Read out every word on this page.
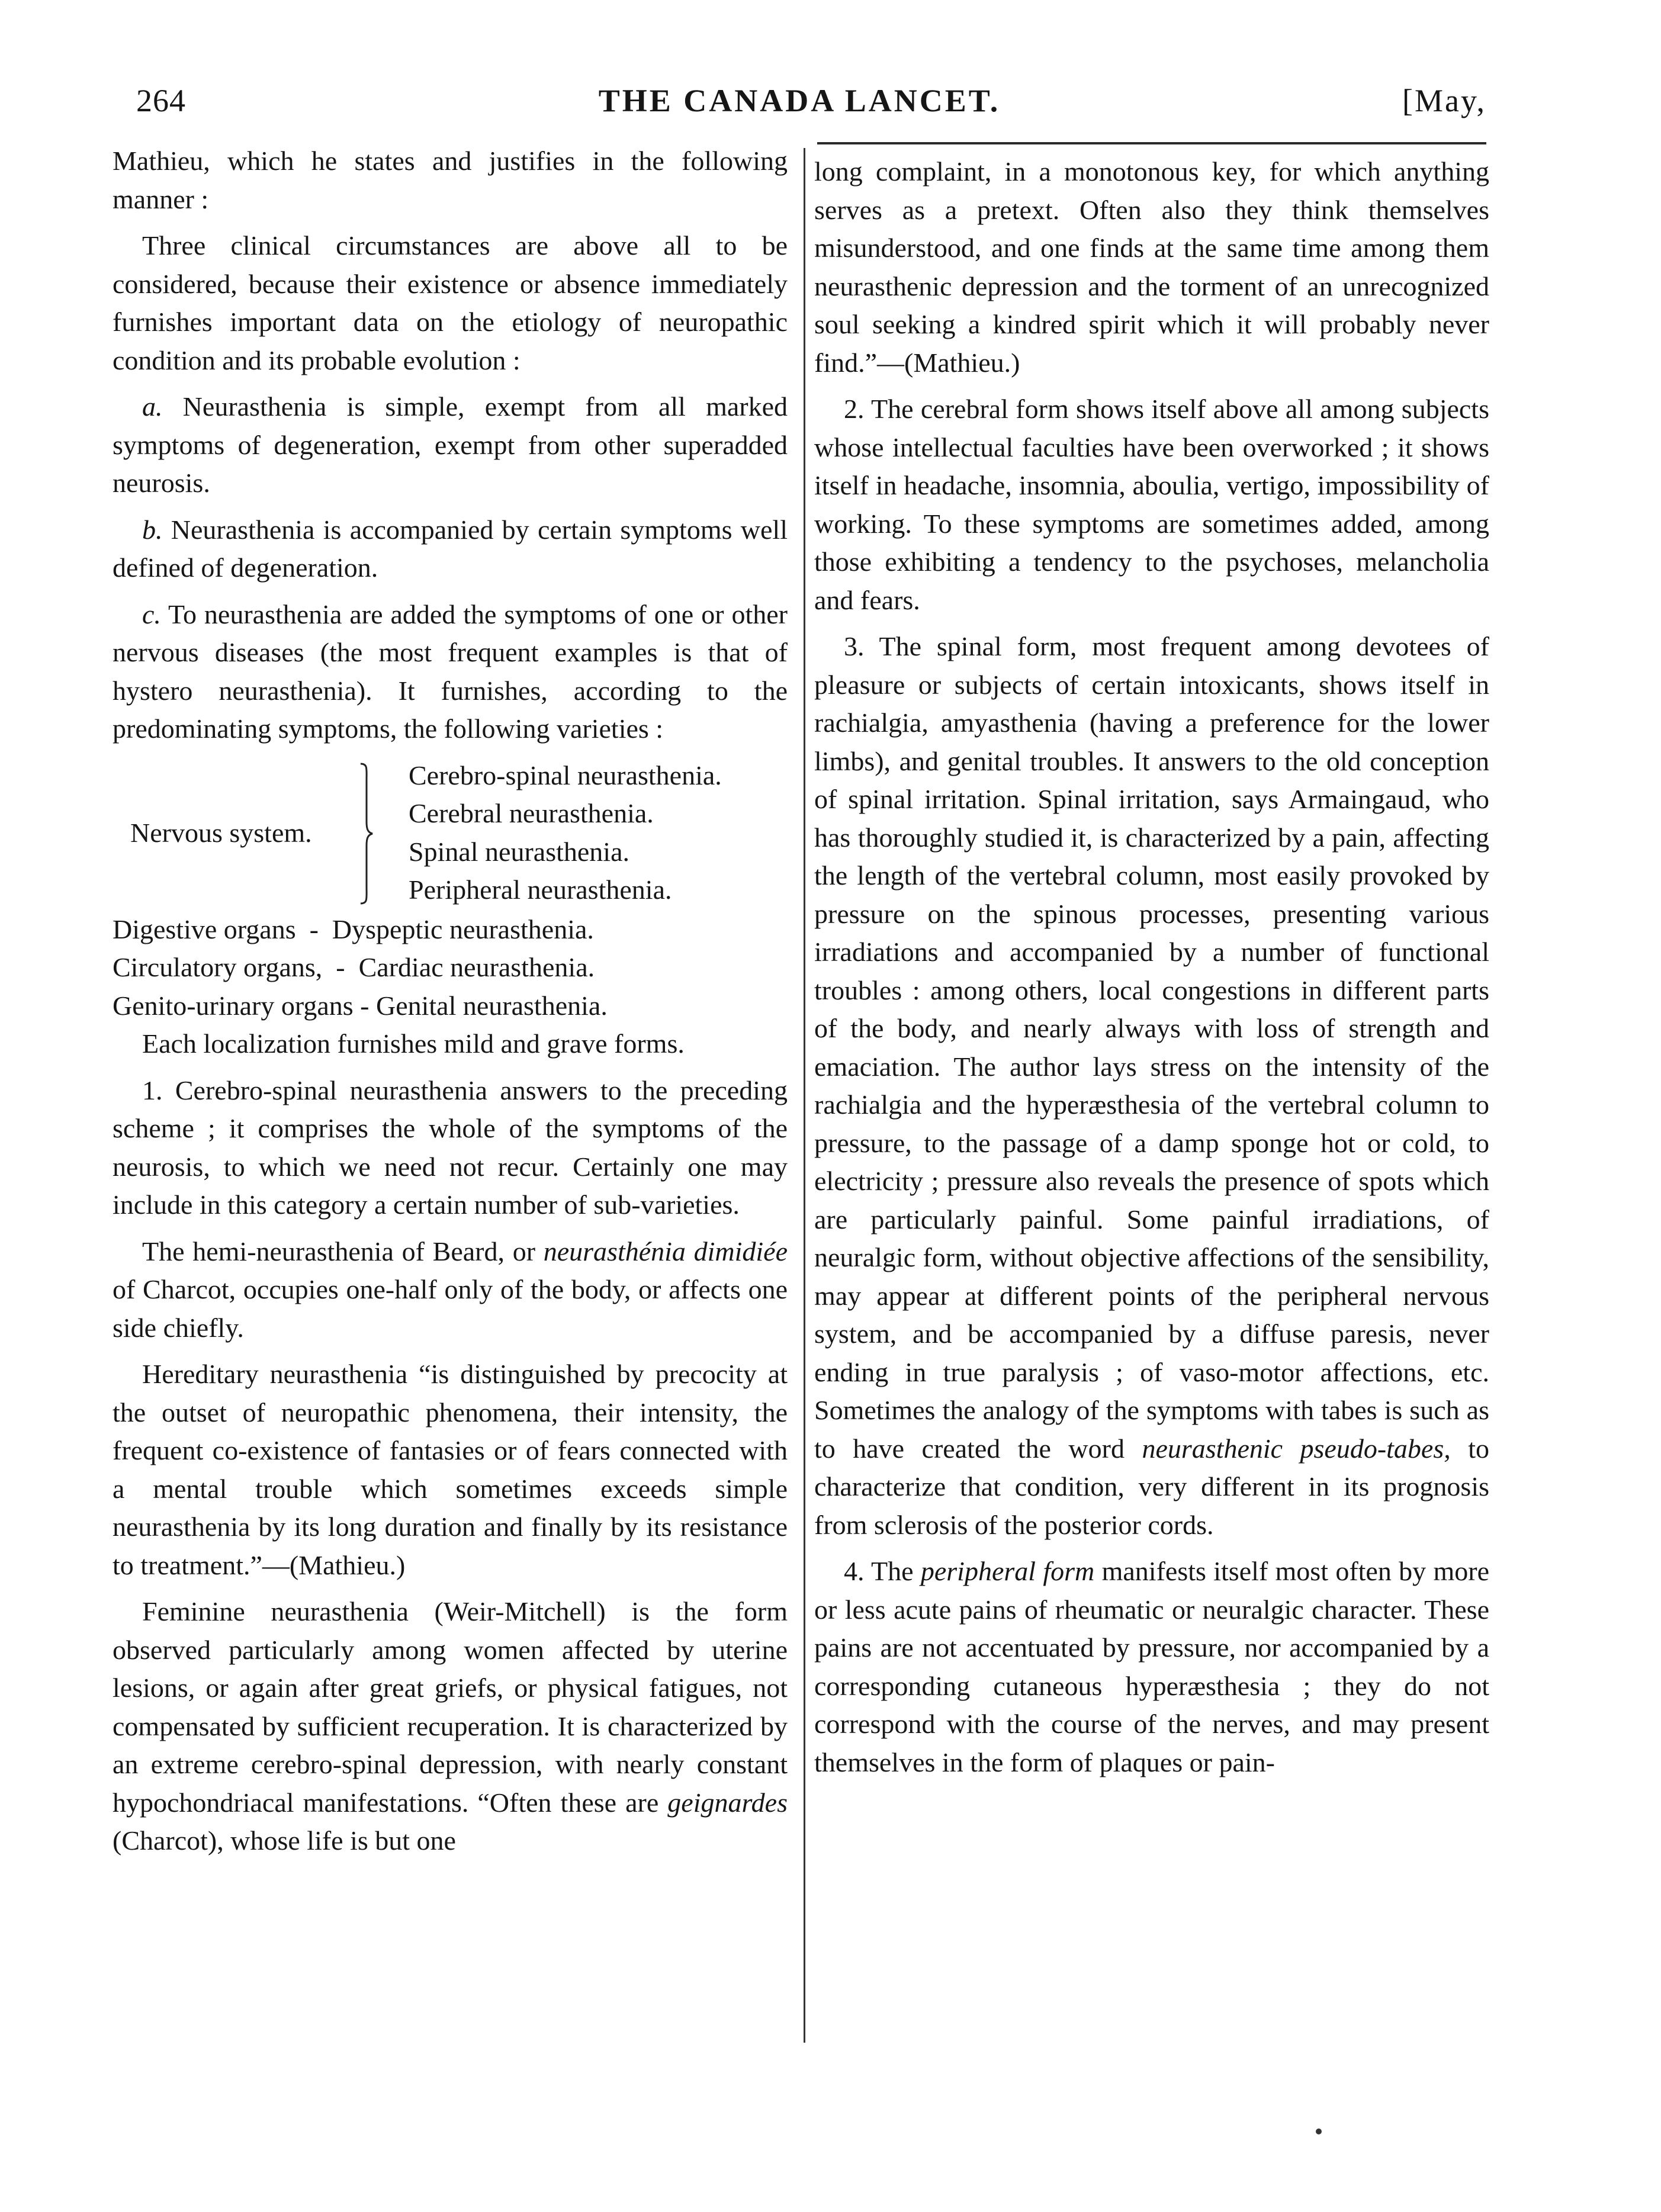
264	THE CANADA LANCET.	[May,

Mathieu, which he states and justifies in the following manner :

Three clinical circumstances are above all to be considered, because their existence or absence immediately furnishes important data on the etiology of neuropathic condition and its probable evolution :

a. Neurasthenia is simple, exempt from all marked symptoms of degeneration, exempt from other superadded neurosis.

b. Neurasthenia is accompanied by certain symptoms well defined of degeneration.

c. To neurasthenia are added the symptoms of one or other nervous diseases (the most frequent examples is that of hystero neurasthenia). It furnishes, according to the predominating symptoms, the following varieties :

Nervous system.
Cerebro-spinal neurasthenia.
Cerebral neurasthenia.
Spinal neurasthenia.
Peripheral neurasthenia.
Digestive organs  - Dyspeptic neurasthenia.
Circulatory organs,  - Cardiac neurasthenia.
Genito-urinary organs - Genital neurasthenia.

Each localization furnishes mild and grave forms.

1. Cerebro-spinal neurasthenia answers to the preceding scheme ; it comprises the whole of the symptoms of the neurosis, to which we need not recur. Certainly one may include in this category a certain number of sub-varieties.

The hemi-neurasthenia of Beard, or neurasthénia dimidiée of Charcot, occupies one-half only of the body, or affects one side chiefly.

Hereditary neurasthenia “is distinguished by precocity at the outset of neuropathic phenomena, their intensity, the frequent co-existence of fantasies or of fears connected with a mental trouble which sometimes exceeds simple neurasthenia by its long duration and finally by its resistance to treatment.”—(Mathieu.)

Feminine neurasthenia (Weir-Mitchell) is the form observed particularly among women affected by uterine lesions, or again after great griefs, or physical fatigues, not compensated by sufficient recuperation. It is characterized by an extreme cerebro-spinal depression, with nearly constant hypochondriacal manifestations. “Often these are geignardes (Charcot), whose life is but one

long complaint, in a monotonous key, for which anything serves as a pretext. Often also they think themselves misunderstood, and one finds at the same time among them neurasthenic depression and the torment of an unrecognized soul seeking a kindred spirit which it will probably never find.”—(Mathieu.)

2. The cerebral form shows itself above all among subjects whose intellectual faculties have been overworked ; it shows itself in headache, insomnia, aboulia, vertigo, impossibility of working. To these symptoms are sometimes added, among those exhibiting a tendency to the psychoses, melancholia and fears.

3. The spinal form, most frequent among devotees of pleasure or subjects of certain intoxicants, shows itself in rachialgia, amyasthenia (having a preference for the lower limbs), and genital troubles. It answers to the old conception of spinal irritation. Spinal irritation, says Armaingaud, who has thoroughly studied it, is characterized by a pain, affecting the length of the vertebral column, most easily provoked by pressure on the spinous processes, presenting various irradiations and accompanied by a number of functional troubles : among others, local congestions in different parts of the body, and nearly always with loss of strength and emaciation. The author lays stress on the intensity of the rachialgia and the hyperæsthesia of the vertebral column to pressure, to the passage of a damp sponge hot or cold, to electricity ; pressure also reveals the presence of spots which are particularly painful. Some painful irradiations, of neuralgic form, without objective affections of the sensibility, may appear at different points of the peripheral nervous system, and be accompanied by a diffuse paresis, never ending in true paralysis ; of vaso-motor affections, etc. Sometimes the analogy of the symptoms with tabes is such as to have created the word neurasthenic pseudo-tabes, to characterize that condition, very different in its prognosis from sclerosis of the posterior cords.

4. The peripheral form manifests itself most often by more or less acute pains of rheumatic or neuralgic character. These pains are not accentuated by pressure, nor accompanied by a corresponding cutaneous hyperæsthesia ; they do not correspond with the course of the nerves, and may present themselves in the form of plaques or pain-
